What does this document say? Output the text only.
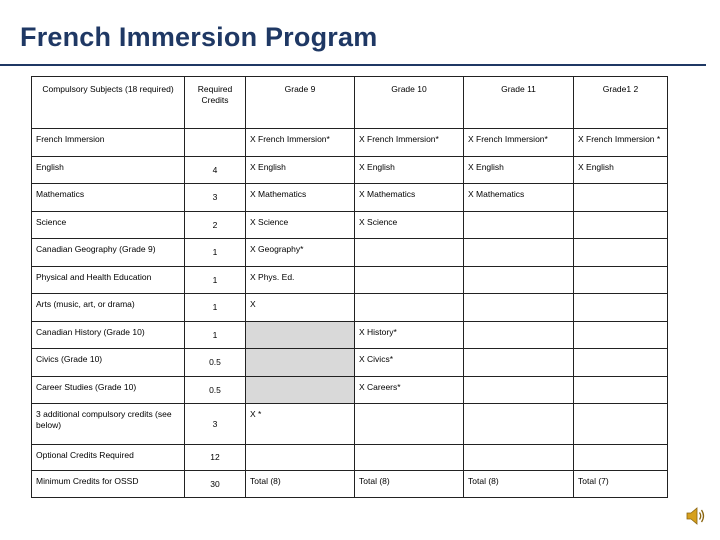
French Immersion Program
Compulsory Subjects (18 required)	Required Credits	Grade 9	Grade 10	Grade 11	Grade1 2
French Immersion		X French Immersion*	X French Immersion*	X French Immersion*	X French Immersion *
English	4	X English	X English	X English	X English
Mathematics	3	X Mathematics	X Mathematics	X Mathematics	
Science	2	X Science	X Science		
Canadian Geography (Grade 9)	1	X Geography*			
Physical and Health Education	1	X Phys. Ed.			
Arts (music, art, or drama)	1	X			
Canadian History (Grade 10)	1		X History*		
Civics (Grade 10)	0.5		X Civics*		
Career Studies (Grade 10)	0.5		X Careers*		
3 additional compulsory credits (see below)	3	X *			
Optional Credits Required	12				
Minimum Credits for OSSD	30	Total (8)	Total (8)	Total (8)	Total (7)
